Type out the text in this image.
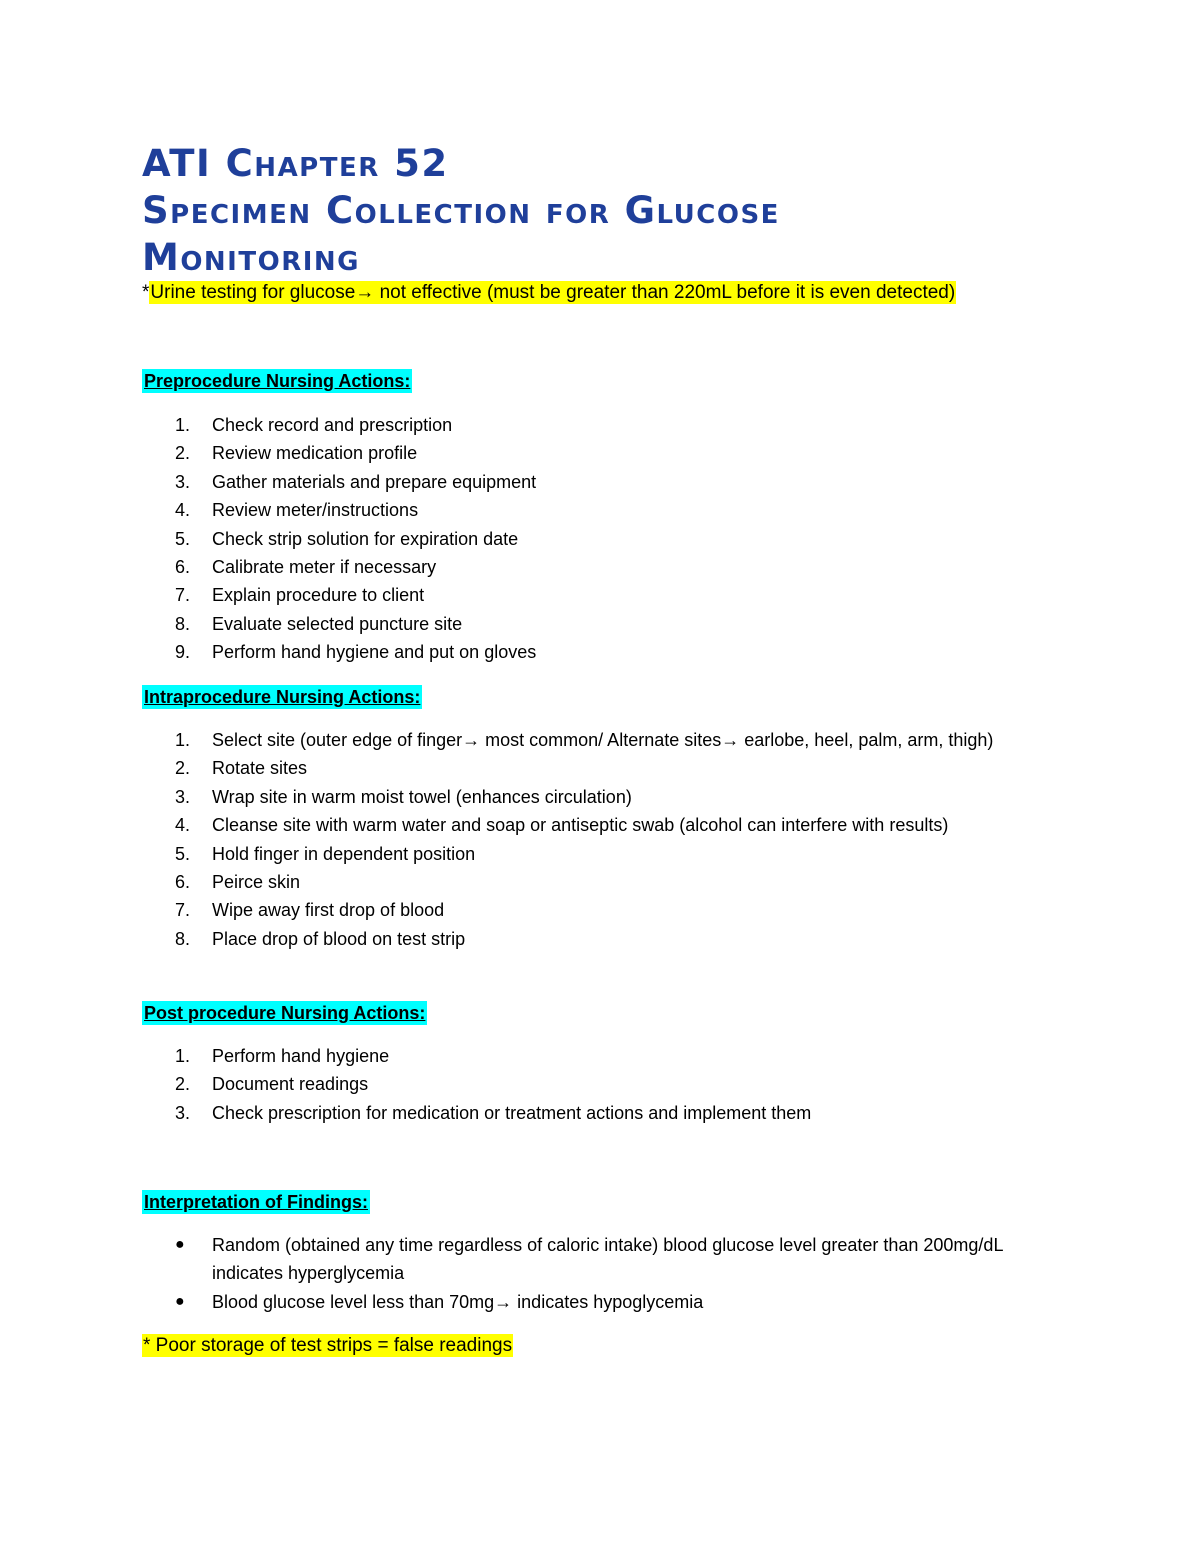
ATI Chapter 52
Specimen Collection for Glucose
Monitoring
*Urine testing for glucose→ not effective (must be greater than 220mL before it is even detected)
Preprocedure Nursing Actions:
1.	Check record and prescription
2.	Review medication profile
3.	Gather materials and prepare equipment
4.	Review meter/instructions
5.	Check strip solution for expiration date
6.	Calibrate meter if necessary
7.	Explain procedure to client
8.	Evaluate selected puncture site
9.	Perform hand hygiene and put on gloves
Intraprocedure Nursing Actions:
1.	Select site (outer edge of finger→ most common/ Alternate sites→ earlobe, heel, palm, arm, thigh)
2.	Rotate sites
3.	Wrap site in warm moist towel (enhances circulation)
4.	Cleanse site with warm water and soap or antiseptic swab (alcohol can interfere with results)
5.	Hold finger in dependent position
6.	Peirce skin
7.	Wipe away first drop of blood
8.	Place drop of blood on test strip
Post procedure Nursing Actions:
1.	Perform hand hygiene
2.	Document readings
3.	Check prescription for medication or treatment actions and implement them
Interpretation of Findings:
● Random (obtained any time regardless of caloric intake) blood glucose level greater than 200mg/dL indicates hyperglycemia
● Blood glucose level less than 70mg→ indicates hypoglycemia
* Poor storage of test strips = false readings
